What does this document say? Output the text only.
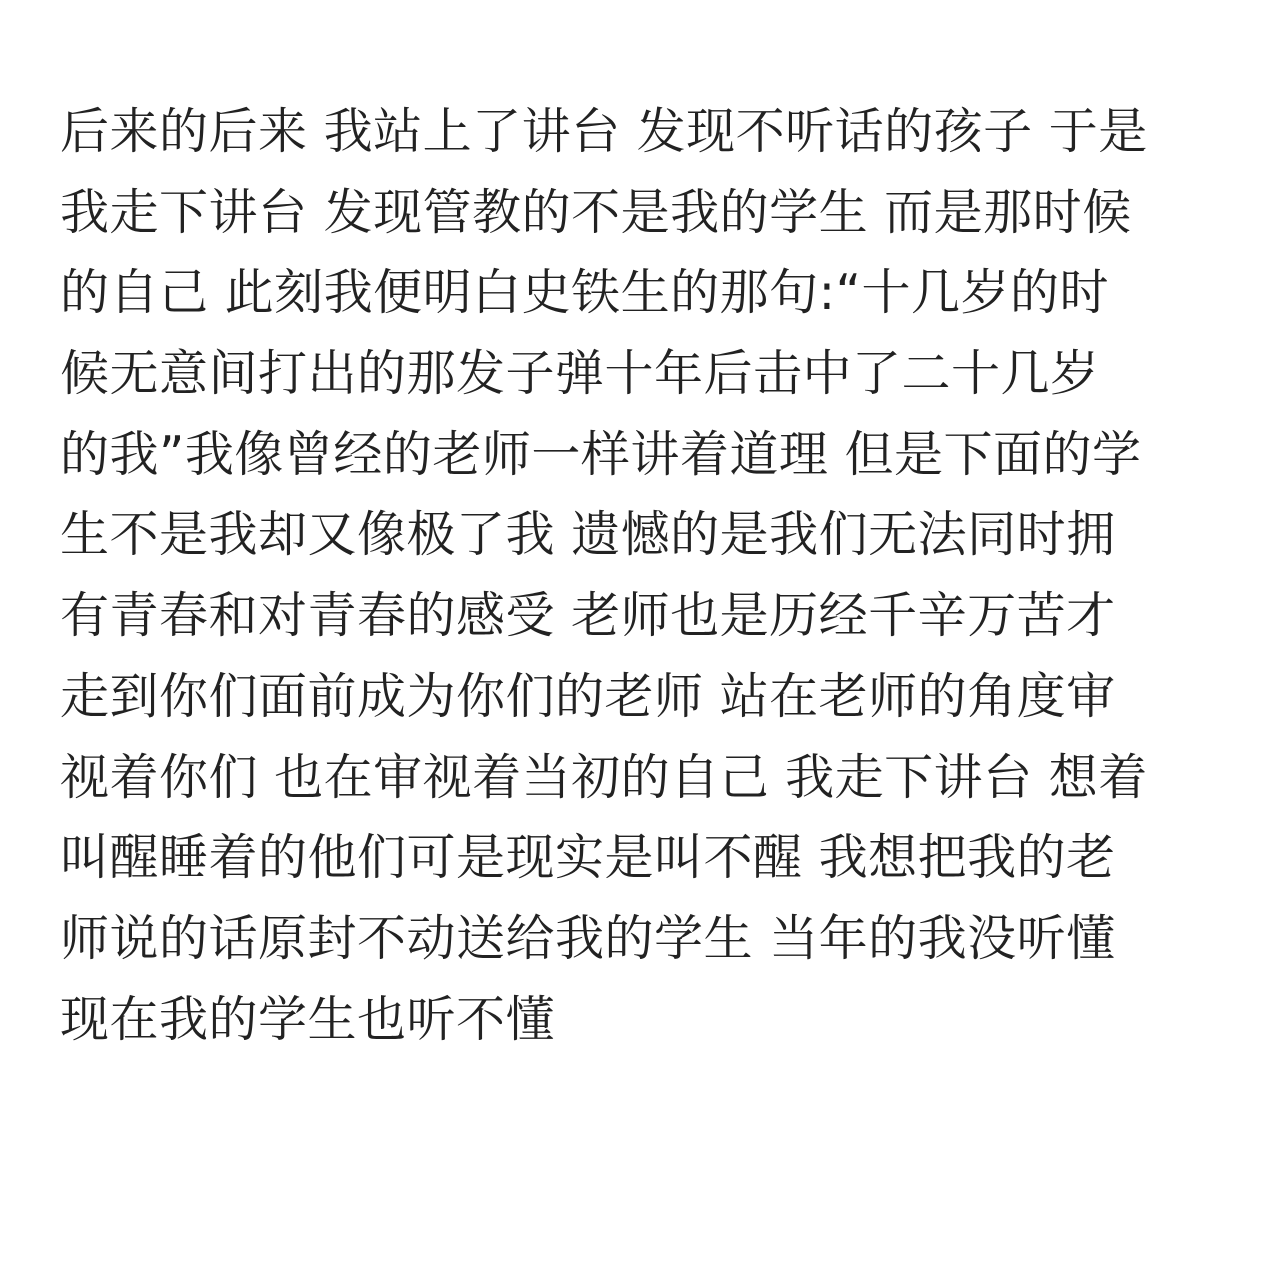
后来的后来 我站上了讲台 发现不听话的孩子 于是
我走下讲台 发现管教的不是我的学生 而是那时候
的自己 此刻我便明白史铁生的那句:“十几岁的时
候无意间打出的那发子弹十年后击中了二十几岁
的我”我像曾经的老师一样讲着道理 但是下面的学
生不是我却又像极了我 遗憾的是我们无法同时拥
有青春和对青春的感受 老师也是历经千辛万苦才
走到你们面前成为你们的老师 站在老师的角度审
视着你们 也在审视着当初的自己 我走下讲台 想着
叫醒睡着的他们可是现实是叫不醒 我想把我的老
师说的话原封不动送给我的学生 当年的我没听懂
现在我的学生也听不懂
